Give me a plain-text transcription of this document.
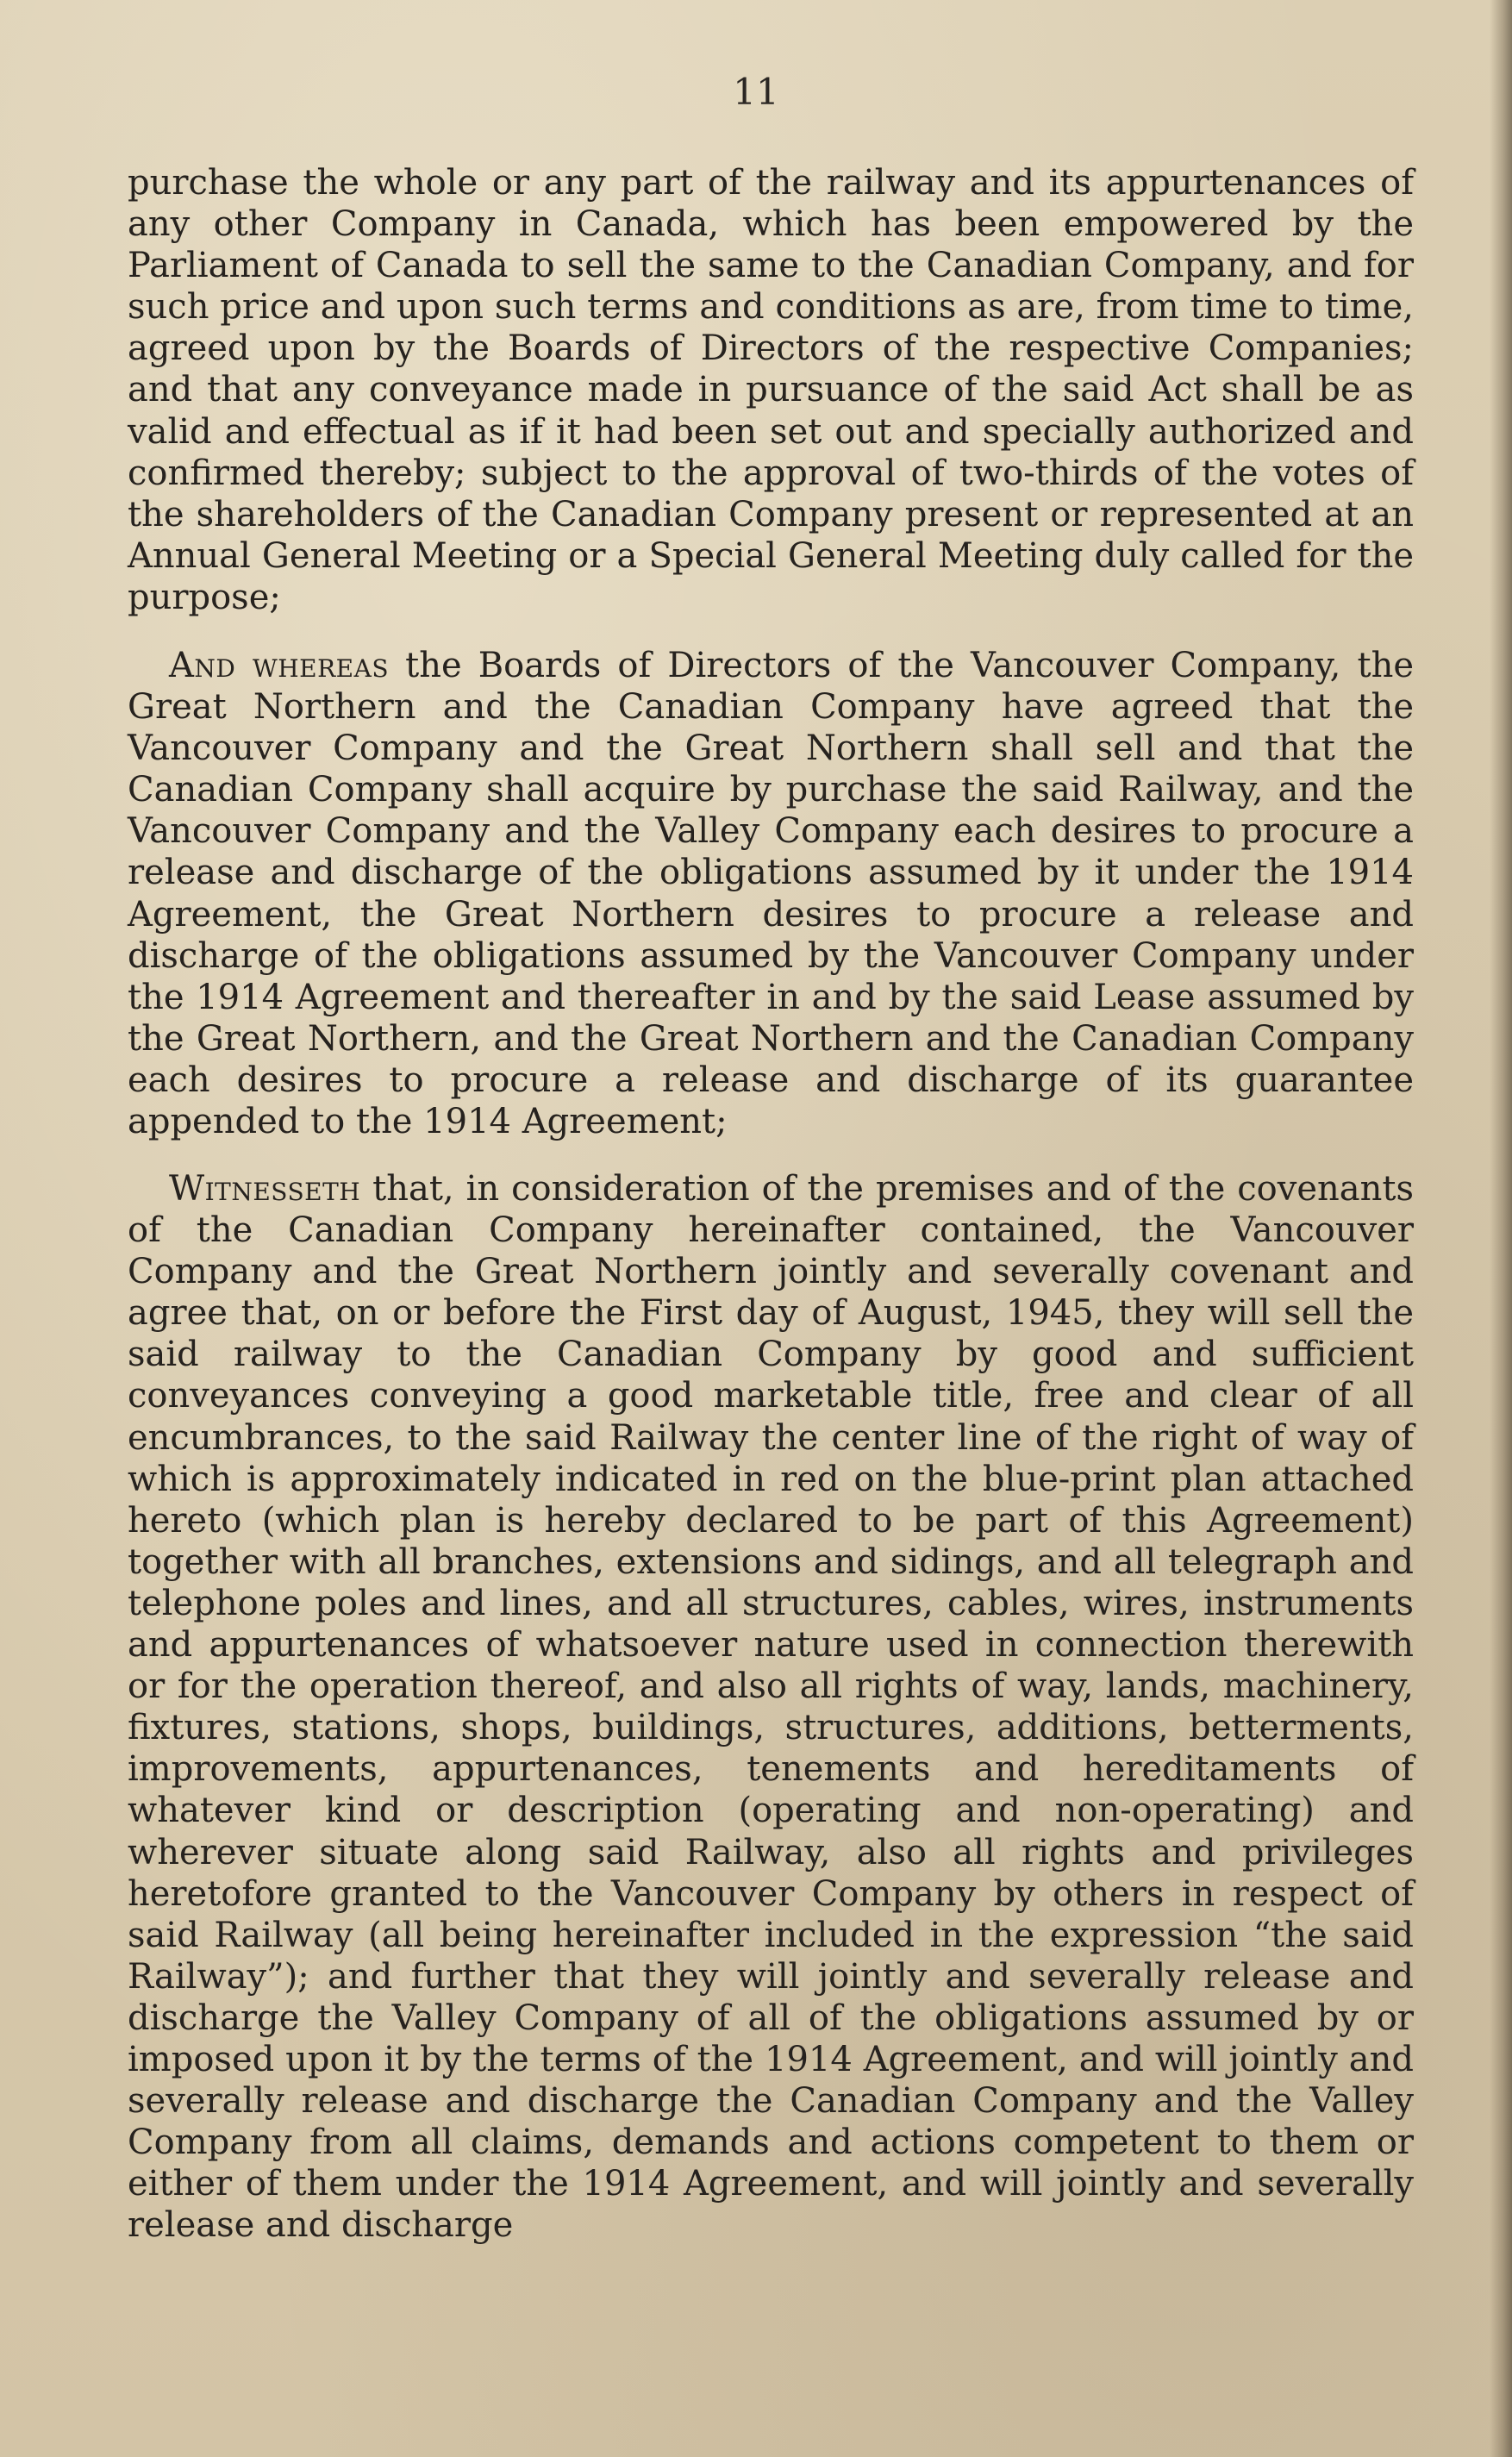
11

purchase the whole or any part of the railway and its appurtenances of any other Company in Canada, which has been empowered by the Parliament of Canada to sell the same to the Canadian Company, and for such price and upon such terms and conditions as are, from time to time, agreed upon by the Boards of Directors of the respective Companies; and that any conveyance made in pursuance of the said Act shall be as valid and effectual as if it had been set out and specially authorized and confirmed thereby; subject to the approval of two-thirds of the votes of the shareholders of the Canadian Company present or represented at an Annual General Meeting or a Special General Meeting duly called for the purpose;

And whereas the Boards of Directors of the Vancouver Company, the Great Northern and the Canadian Company have agreed that the Vancouver Company and the Great Northern shall sell and that the Canadian Company shall acquire by purchase the said Railway, and the Vancouver Company and the Valley Company each desires to procure a release and discharge of the obligations assumed by it under the 1914 Agreement, the Great Northern desires to procure a release and discharge of the obligations assumed by the Vancouver Company under the 1914 Agreement and thereafter in and by the said Lease assumed by the Great Northern, and the Great Northern and the Canadian Company each desires to procure a release and discharge of its guarantee appended to the 1914 Agreement;

Witnesseth that, in consideration of the premises and of the covenants of the Canadian Company hereinafter contained, the Vancouver Company and the Great Northern jointly and severally covenant and agree that, on or before the First day of August, 1945, they will sell the said railway to the Canadian Company by good and sufficient conveyances conveying a good marketable title, free and clear of all encumbrances, to the said Railway the center line of the right of way of which is approximately indicated in red on the blue-print plan attached hereto (which plan is hereby declared to be part of this Agreement) together with all branches, extensions and sidings, and all telegraph and telephone poles and lines, and all structures, cables, wires, instruments and appurtenances of whatsoever nature used in connection therewith or for the operation thereof, and also all rights of way, lands, machinery, fixtures, stations, shops, buildings, structures, additions, betterments, improvements, appurtenances, tenements and hereditaments of whatever kind or description (operating and non-operating) and wherever situate along said Railway, also all rights and privileges heretofore granted to the Vancouver Company by others in respect of said Railway (all being hereinafter included in the expression “the said Railway”); and further that they will jointly and severally release and discharge the Valley Company of all of the obligations assumed by or imposed upon it by the terms of the 1914 Agreement, and will jointly and severally release and discharge the Canadian Company and the Valley Company from all claims, demands and actions competent to them or either of them under the 1914 Agreement, and will jointly and severally release and discharge
